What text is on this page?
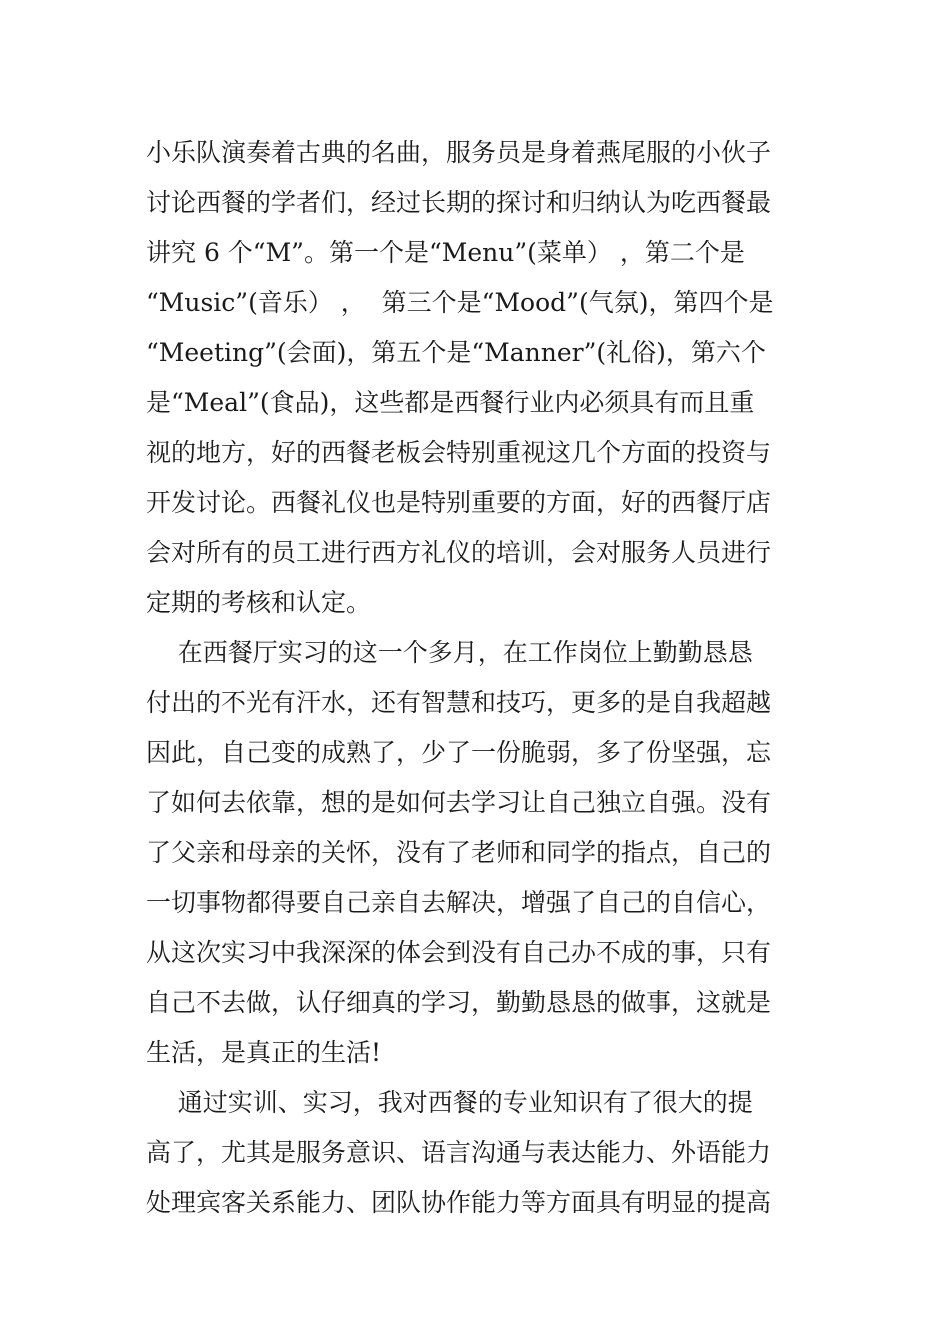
小乐队演奏着古典的名曲，服务员是身着燕尾服的小伙子
讨论西餐的学者们，经过长期的探讨和归纳认为吃西餐最
讲究 6 个“M”。第一个是“Menu”(菜单） ，第二个是
“Music”(音乐） ，  第三个是“Mood”(气氛)，第四个是
“Meeting”(会面)，第五个是“Manner”(礼俗)，第六个
是“Meal”(食品)，这些都是西餐行业内必须具有而且重
视的地方，好的西餐老板会特别重视这几个方面的投资与
开发讨论。西餐礼仪也是特别重要的方面，好的西餐厅店
会对所有的员工进行西方礼仪的培训，会对服务人员进行
定期的考核和认定。
在西餐厅实习的这一个多月，在工作岗位上勤勤恳恳
付出的不光有汗水，还有智慧和技巧，更多的是自我超越
因此，自己变的成熟了，少了一份脆弱，多了份坚强，忘
了如何去依靠，想的是如何去学习让自己独立自强。没有
了父亲和母亲的关怀，没有了老师和同学的指点，自己的
一切事物都得要自己亲自去解决，增强了自己的自信心，
从这次实习中我深深的体会到没有自己办不成的事，只有
自己不去做，认仔细真的学习，勤勤恳恳的做事，这就是
生活，是真正的生活!
通过实训、实习，我对西餐的专业知识有了很大的提
高了，尤其是服务意识、语言沟通与表达能力、外语能力
处理宾客关系能力、团队协作能力等方面具有明显的提高
